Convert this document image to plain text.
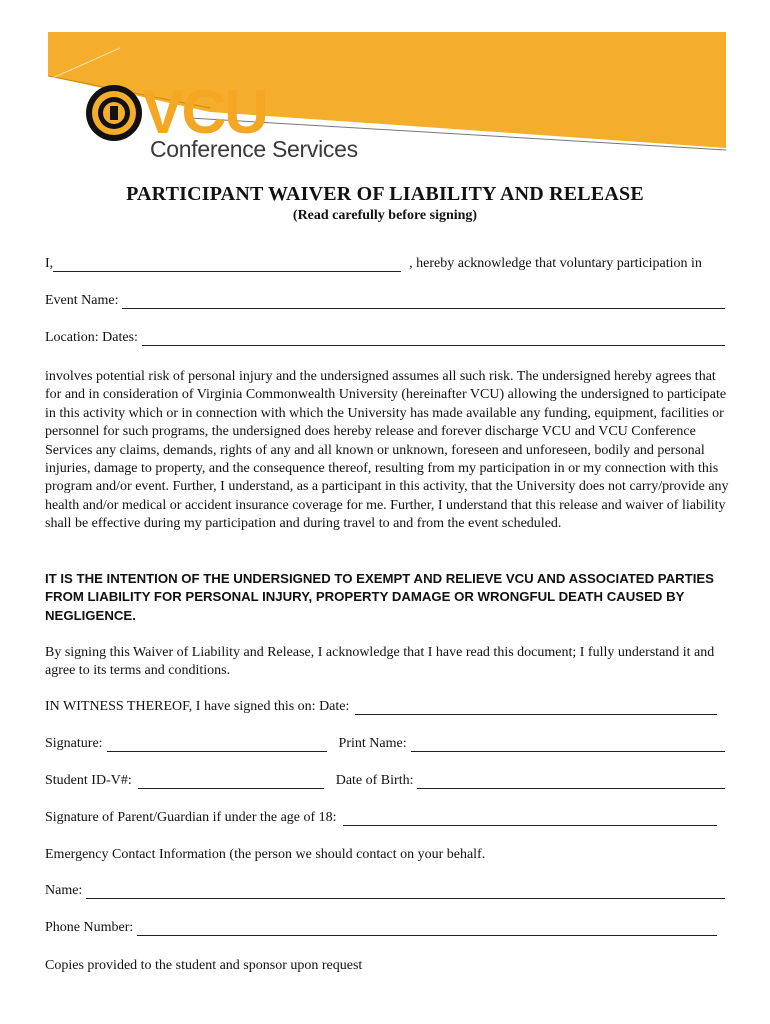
VCU
Conference Services
PARTICIPANT WAIVER OF LIABILITY AND RELEASE
(Read carefully before signing)
I,	, hereby acknowledge that voluntary participation in
Event Name:
Location: Dates:
involves potential risk of personal injury and the undersigned assumes all such risk. The undersigned hereby agrees that for and in consideration of Virginia Commonwealth University (hereinafter VCU) allowing the undersigned to participate in this activity which or in connection with which the University has made available any funding, equipment, facilities or personnel for such programs, the undersigned does hereby release and forever discharge VCU and VCU Conference Services any claims, demands, rights of any and all known or unknown, foreseen and unforeseen, bodily and personal injuries, damage to property, and the consequence thereof, resulting from my participation in or my connection with this program and/or event. Further, I understand, as a participant in this activity, that the University does not carry/provide any health and/or medical or accident insurance coverage for me. Further, I understand that this release and waiver of liability shall be effective during my participation and during travel to and from the event scheduled.
IT IS THE INTENTION OF THE UNDERSIGNED TO EXEMPT AND RELIEVE VCU AND ASSOCIATED PARTIES FROM LIABILITY FOR PERSONAL INJURY, PROPERTY DAMAGE OR WRONGFUL DEATH CAUSED BY NEGLIGENCE.
By signing this Waiver of Liability and Release, I acknowledge that I have read this document; I fully understand it and agree to its terms and conditions.
IN WITNESS THEREOF, I have signed this on: Date:
Signature:	Print Name:
Student ID-V#:	Date of Birth:
Signature of Parent/Guardian if under the age of 18:
Emergency Contact Information (the person we should contact on your behalf.
Name:
Phone Number:
Copies provided to the student and sponsor upon request
